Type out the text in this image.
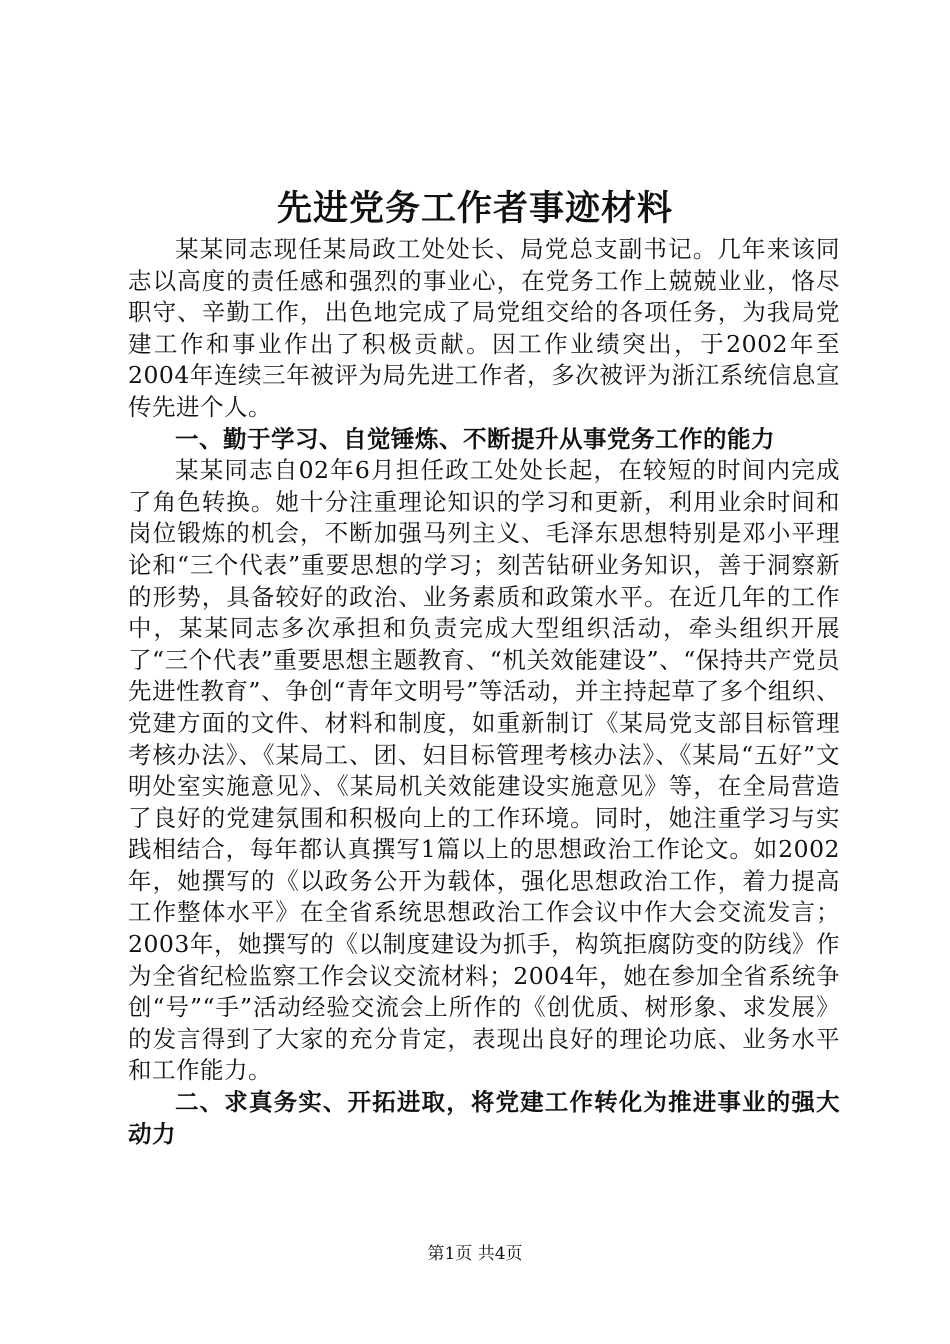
先进党务工作者事迹材料

某某同志现任某局政工处处长、局党总支副书记。几年来该同志以高度的责任感和强烈的事业心，在党务工作上兢兢业业，恪尽职守、辛勤工作，出色地完成了局党组交给的各项任务，为我局党建工作和事业作出了积极贡献。因工作业绩突出，于2002年至2004年连续三年被评为局先进工作者，多次被评为浙江系统信息宣传先进个人。

一、勤于学习、自觉锤炼、不断提升从事党务工作的能力

某某同志自02年6月担任政工处处长起，在较短的时间内完成了角色转换。她十分注重理论知识的学习和更新，利用业余时间和岗位锻炼的机会，不断加强马列主义、毛泽东思想特别是邓小平理论和“三个代表”重要思想的学习；刻苦钻研业务知识，善于洞察新的形势，具备较好的政治、业务素质和政策水平。在近几年的工作中，某某同志多次承担和负责完成大型组织活动，牵头组织开展了“三个代表”重要思想主题教育、“机关效能建设”、“保持共产党员先进性教育”、争创“青年文明号”等活动，并主持起草了多个组织、党建方面的文件、材料和制度，如重新制订《某局党支部目标管理考核办法》、《某局工、团、妇目标管理考核办法》、《某局“五好”文明处室实施意见》、《某局机关效能建设实施意见》等，在全局营造了良好的党建氛围和积极向上的工作环境。同时，她注重学习与实践相结合，每年都认真撰写1篇以上的思想政治工作论文。如2002年，她撰写的《以政务公开为载体，强化思想政治工作，着力提高工作整体水平》在全省系统思想政治工作会议中作大会交流发言；2003年，她撰写的《以制度建设为抓手，构筑拒腐防变的防线》作为全省纪检监察工作会议交流材料；2004年，她在参加全省系统争创“号”“手”活动经验交流会上所作的《创优质、树形象、求发展》的发言得到了大家的充分肯定，表现出良好的理论功底、业务水平和工作能力。

二、求真务实、开拓进取，将党建工作转化为推进事业的强大动力

第1页 共4页
